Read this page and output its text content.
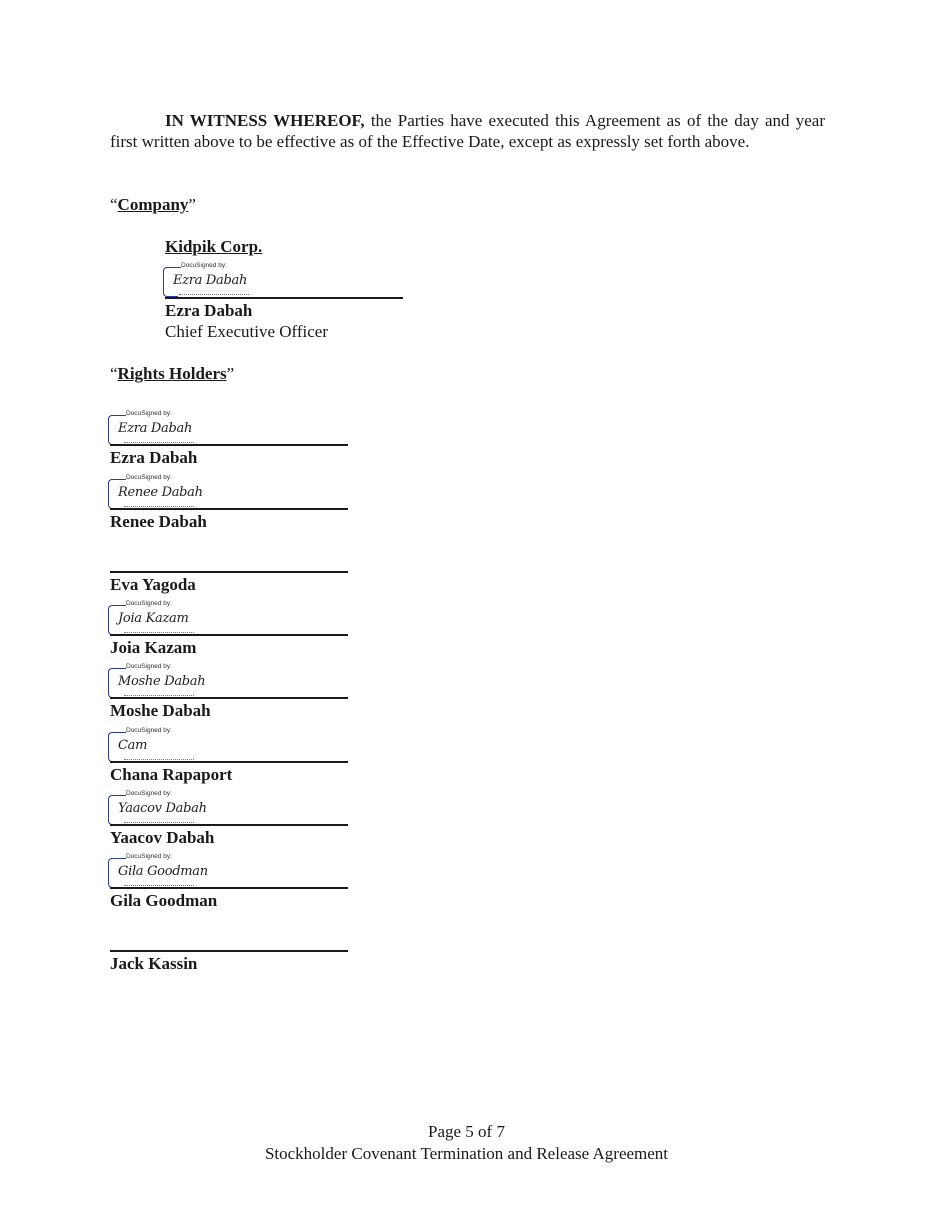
IN WITNESS WHEREOF, the Parties have executed this Agreement as of the day and year first written above to be effective as of the Effective Date, except as expressly set forth above.

“Company”

Kidpik Corp.

DocuSigned by:
Ezra Dabah

Ezra Dabah

Chief Executive Officer

“Rights Holders”

DocuSigned by:
Ezra Dabah

Ezra Dabah

DocuSigned by:
Renee Dabah

Renee Dabah

Eva Yagoda

DocuSigned by:
Joia Kazam

Joia Kazam

DocuSigned by:
Moshe Dabah

Moshe Dabah

DocuSigned by:
Cam

Chana Rapaport

DocuSigned by:
Yaacov Dabah

Yaacov Dabah

DocuSigned by:
Gila Goodman

Gila Goodman

Jack Kassin

Page 5 of 7

Stockholder Covenant Termination and Release Agreement
